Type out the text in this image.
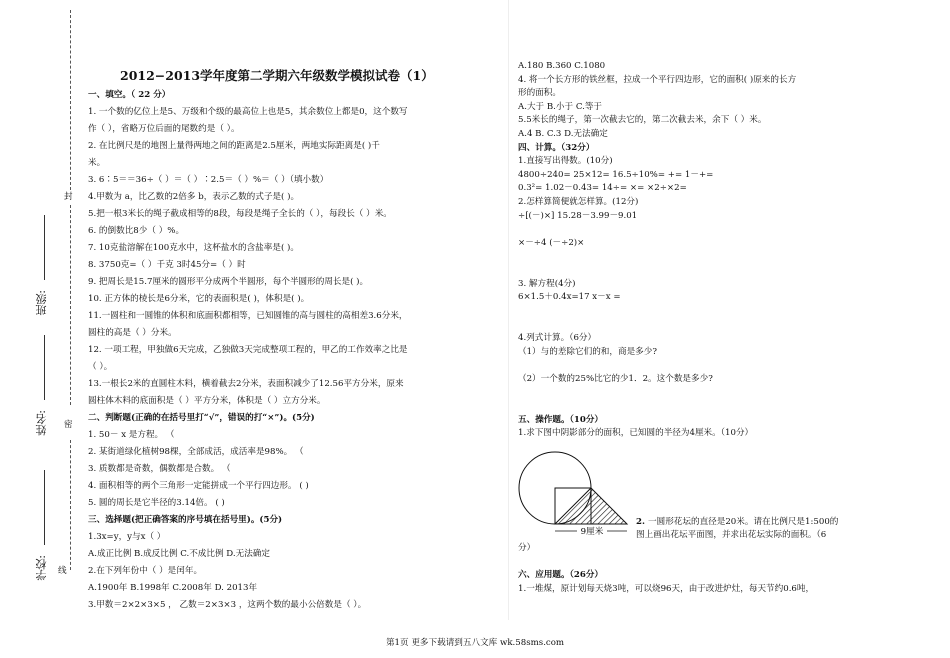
封
密
线
班级:
姓名:
学校:
2012−2013学年度第二学期六年级数学模拟试卷（1）
一、填空。（ 22 分）
1. 一个数的亿位上是5、万级和个级的最高位上也是5，其余数位上都是0，这个数写
作（ ），省略万位后面的尾数约是（ ）。
2. 在比例尺是的地图上量得两地之间的距离是2.5厘米，两地实际距离是( )千
米。
3. 6∶5＝＝36÷（ ）＝（ ）∶2.5＝（ ）%＝（ ）（填小数）
4.甲数为 a，比乙数的2倍多 b，表示乙数的式子是( )。
5.把一根3米长的绳子截成相等的8段，每段是绳子全长的（ ），每段长（ ）米。
6. 的倒数比8少（ ）%。
7. 10克盐溶解在100克水中，这杯盐水的含盐率是( )。
8. 3750克=（ ）千克 3时45分=（ ）时
9. 把周长是15.7厘米的圆形平分成两个半圆形，每个半圆形的周长是( )。
10. 正方体的棱长是6分米，它的表面积是( )，体积是( )。
11.一圆柱和一圆锥的体积和底面积都相等，已知圆锥的高与圆柱的高相差3.6分米，
圆柱的高是（ ）分米。
12. 一项工程，甲独做6天完成，乙独做3天完成整项工程的，甲乙的工作效率之比是
（ ）。
13.一根长2米的直圆柱木料，横着截去2分米，表面积减少了12.56平方分米，原来
圆柱体木料的底面积是（ ）平方分米，体积是（ ）立方分米。
二、判断题(正确的在括号里打“√”，错误的打“×”)。(5分)
1. 50－ x 是方程。 （
2. 某街道绿化植树98棵，全部成活，成活率是98%。 （
3. 质数都是奇数，偶数都是合数。 （
4. 面积相等的两个三角形一定能拼成一个平行四边形。 ( )
5. 圆的周长是它半径的3.14倍。 ( )
三、选择题(把正确答案的序号填在括号里)。(5分)
1.3x=y，y与x（ ）
A.成正比例 B.成反比例 C.不成比例 D.无法确定
2.在下列年份中（ ）是闰年。
A.1900年 B.1998年 C.2008年 D. 2013年
3.甲数＝2×2×3×5 ， 乙数＝2×3×3 ，这两个数的最小公倍数是（ ）。
A.180 B.360 C.1080
4. 将一个长方形的铁丝框，拉成一个平行四边形，它的面积( )原来的长方
形的面积。
A.大于 B.小于 C.等于
5.5米长的绳子，第一次截去它的，第二次截去米，余下（ ）米。
A.4 B. C.3 D.无法确定
四、计算。（32分）
1.直接写出得数。(10分)
4800÷240= 25×12= 16.5÷10%= += 1－+=
0.3²= 1.02－0.43= 14÷= ×= ×2÷×2=
2.怎样算简便就怎样算。(12分)
÷[(－)×] 15.28－3.99－9.01
×－÷4 (－÷2)×
3. 解方程(4分)
6×1.5＋0.4x=17 x－x =
4.列式计算。（6分）
（1）与的差除它们的和，商是多少?
（2）一个数的25%比它的少1．2。这个数是多少?
五、操作题。（10分）
1.求下图中阴影部分的面积，已知圆的半径为4厘米。（10分）
9厘米
2. 一圆形花坛的直径是20米。请在比例尺是1:500的
图上画出花坛平面图，并求出花坛实际的面积。（6
分）
六、应用题。（26分）
1.一堆煤，原计划每天烧3吨，可以烧96天，由于改进炉灶，每天节约0.6吨，
第1页 更多下载请到五八文库 wk.58sms.com
